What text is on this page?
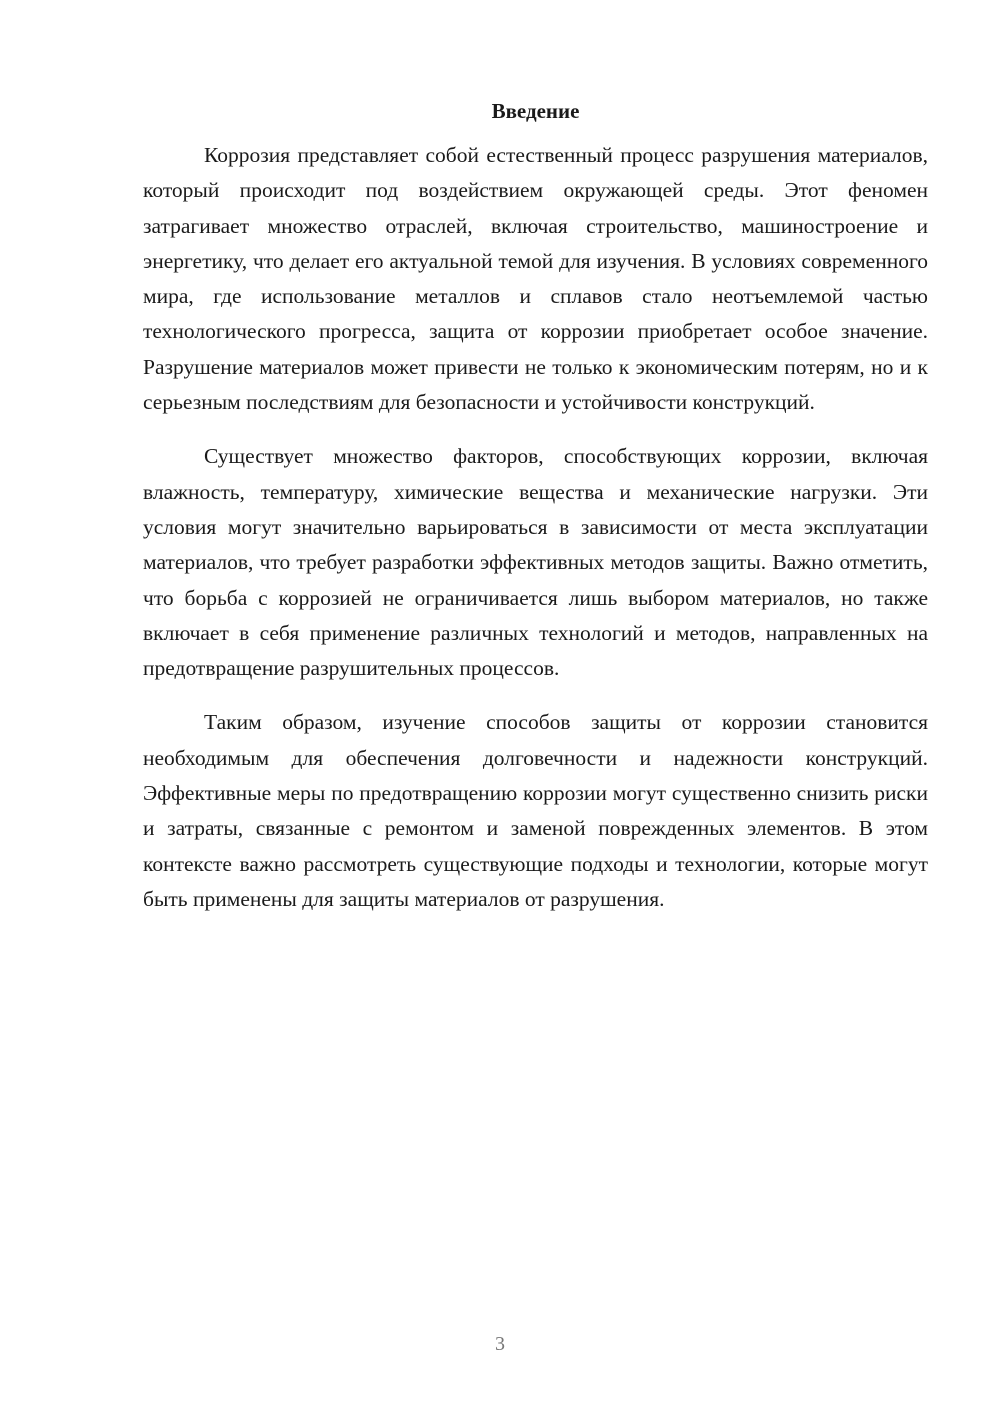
Введение

Коррозия представляет собой естественный процесс разрушения материалов, который происходит под воздействием окружающей среды. Этот феномен затрагивает множество отраслей, включая строительство, машиностроение и энергетику, что делает его актуальной темой для изучения. В условиях современного мира, где использование металлов и сплавов стало неотъемлемой частью технологического прогресса, защита от коррозии приобретает особое значение. Разрушение материалов может привести не только к экономическим потерям, но и к серьезным последствиям для безопасности и устойчивости конструкций.

Существует множество факторов, способствующих коррозии, включая влажность, температуру, химические вещества и механические нагрузки. Эти условия могут значительно варьироваться в зависимости от места эксплуатации материалов, что требует разработки эффективных методов защиты. Важно отметить, что борьба с коррозией не ограничивается лишь выбором материалов, но также включает в себя применение различных технологий и методов, направленных на предотвращение разрушительных процессов.

Таким образом, изучение способов защиты от коррозии становится необходимым для обеспечения долговечности и надежности конструкций. Эффективные меры по предотвращению коррозии могут существенно снизить риски и затраты, связанные с ремонтом и заменой поврежденных элементов. В этом контексте важно рассмотреть существующие подходы и технологии, которые могут быть применены для защиты материалов от разрушения.

3
